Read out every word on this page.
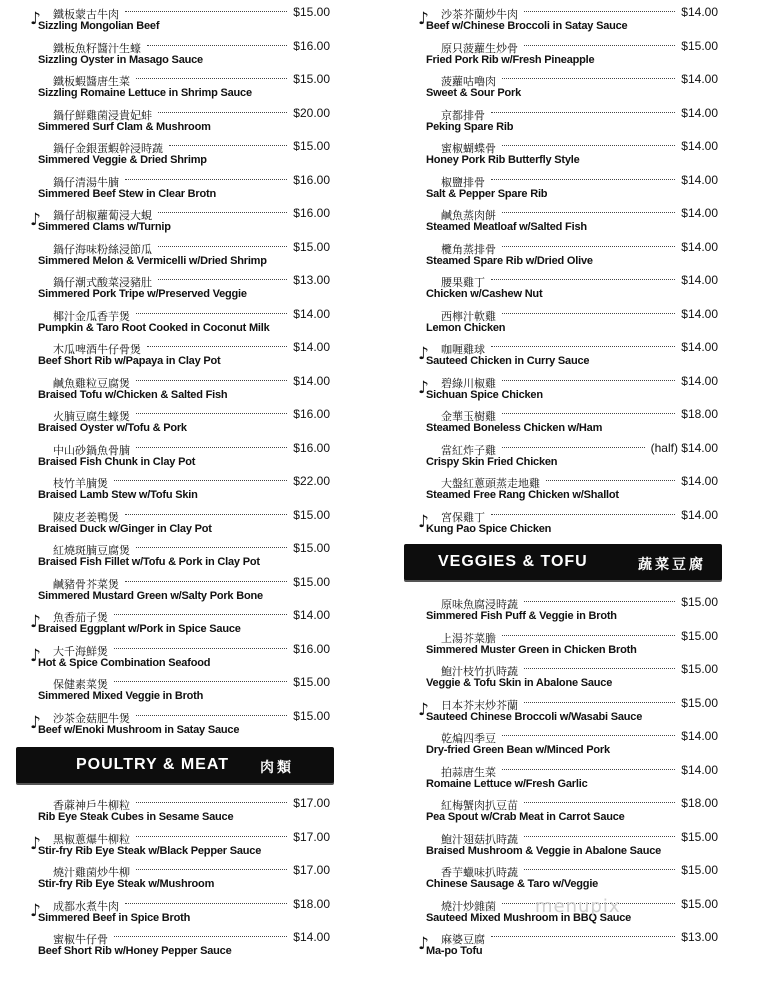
♪ 鐵板蒙古牛肉	$15.00
Sizzling Mongolian Beef
鐵板魚籽醬汁生蠔	$16.00
Sizzling Oyster in Masago Sauce
鐵板蝦醬唐生菜	$15.00
Sizzling Romaine Lettuce in Shrimp Sauce
鍋仔鮮雞菌浸貴妃蚌	$20.00
Simmered Surf Clam & Mushroom
鍋仔金銀蛋蝦幹浸時蔬	$15.00
Simmered Veggie & Dried Shrimp
鍋仔清湯牛腩	$16.00
Simmered Beef Stew in Clear Brotn
♪ 鍋仔胡椒蘿蔔浸大蜆	$16.00
Simmered Clams w/Turnip
鍋仔海味粉絲浸節瓜	$15.00
Simmered Melon & Vermicelli w/Dried Shrimp
鍋仔潮式酸菜浸豬肚	$13.00
Simmered Pork Tripe w/Preserved Veggie
椰汁金瓜香芋煲	$14.00
Pumpkin & Taro Root Cooked in Coconut Milk
木瓜啤酒牛仔骨煲	$14.00
Beef Short Rib w/Papaya in Clay Pot
鹹魚雞粒豆腐煲	$14.00
Braised Tofu w/Chicken & Salted Fish
火腩豆腐生蠔煲	$16.00
Braised Oyster w/Tofu & Pork
中山砂鍋魚骨腩	$16.00
Braised Fish Chunk in Clay Pot
枝竹羊腩煲	$22.00
Braised Lamb Stew w/Tofu Skin
陳皮老姜鴨煲	$15.00
Braised Duck w/Ginger in Clay Pot
紅燒斑腩豆腐煲	$15.00
Braised Fish Fillet w/Tofu & Pork in Clay Pot
鹹豬骨芥菜煲	$15.00
Simmered Mustard Green w/Salty Pork Bone
♪ 魚香茄子煲	$14.00
Braised Eggplant w/Pork in Spice Sauce
♪ 大千海鮮煲	$16.00
Hot & Spice Combination Seafood
保健素菜煲	$15.00
Simmered Mixed Veggie in Broth
♪ 沙茶金菇肥牛煲	$15.00
Beef w/Enoki Mushroom in Satay Sauce
POULTRY & MEAT 肉類
香蔴神戶牛柳粒	$17.00
Rib Eye Steak Cubes in Sesame Sauce
♪ 黑椒蔥爆牛柳粒	$17.00
Stir-fry Rib Eye Steak w/Black Pepper Sauce
燒汁雞菌炒牛柳	$17.00
Stir-fry Rib Eye Steak w/Mushroom
♪ 成都水煮牛肉	$18.00
Simmered Beef in Spice Broth
蜜椒牛仔骨	$14.00
Beef Short Rib w/Honey Pepper Sauce
♪ 沙茶芥蘭炒牛肉	$14.00
Beef w/Chinese Broccoli in Satay Sauce
原只菠蘿生炒骨	$15.00
Fried Pork Rib w/Fresh Pineapple
菠蘿咕嚕肉	$14.00
Sweet & Sour Pork
京都排骨	$14.00
Peking Spare Rib
蜜椒蝴蝶骨	$14.00
Honey Pork Rib Butterfly Style
椒鹽排骨	$14.00
Salt & Pepper Spare Rib
鹹魚蒸肉餅	$14.00
Steamed Meatloaf w/Salted Fish
欖角蒸排骨	$14.00
Steamed Spare Rib w/Dried Olive
腰果雞丁	$14.00
Chicken w/Cashew Nut
西檸汁軟雞	$14.00
Lemon Chicken
♪ 咖喱雞球	$14.00
Sauteed Chicken in Curry Sauce
♪ 碧綠川椒雞	$14.00
Sichuan Spice Chicken
金華玉樹雞	$18.00
Steamed Boneless Chicken w/Ham
當紅炸子雞	(half) $14.00
Crispy Skin Fried Chicken
大盤紅蔥頭蒸走地雞	$14.00
Steamed Free Rang Chicken w/Shallot
♪ 宮保雞丁	$14.00
Kung Pao Spice Chicken
VEGGIES & TOFU	蔬菜豆腐
原味魚腐浸時蔬	$15.00
Simmered Fish Puff & Veggie in Broth
上湯芥菜膽	$15.00
Simmered Muster Green in Chicken Broth
鮑汁枝竹扒時蔬	$15.00
Veggie & Tofu Skin in Abalone Sauce
♪ 日本芥末炒芥蘭	$15.00
Sauteed Chinese Broccoli w/Wasabi Sauce
乾煸四季豆	$14.00
Dry-fried Green Bean w/Minced Pork
拍蒜唐生菜	$14.00
Romaine Lettuce w/Fresh Garlic
紅梅蟹肉扒豆苗	$18.00
Pea Spout w/Crab Meat in Carrot Sauce
鮑汁翅菇扒時蔬	$15.00
Braised Mushroom & Veggie in Abalone Sauce
香芋蠟味扒時蔬	$15.00
Chinese Sausage & Taro w/Veggie
燒汁炒雜菌	$15.00
Sauteed Mixed Mushroom in BBQ Sauce
♪ 麻婆豆腐	$13.00
Ma-po Tofu
menupix
